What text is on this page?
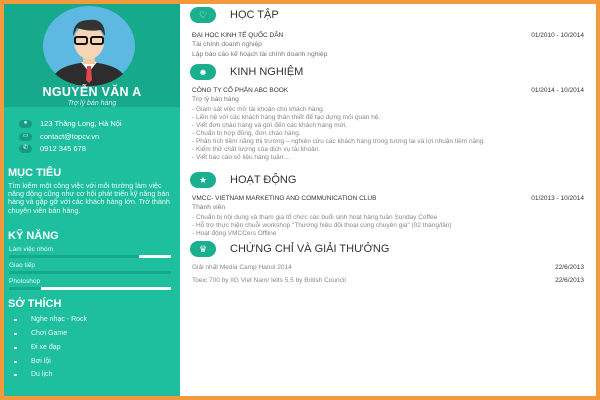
NGUYỄN VĂN A
Trợ lý bán hàng
●	123 Thăng Long, Hà Nội
▭	contact@topcv.vn
✆	0912 345 678
MỤC TIÊU
Tìm kiếm một công việc với môi trường làm việc năng động cũng như cơ hội phát triển kỹ năng bán hàng và gặp gỡ với các khách hàng lớn. Trở thành chuyên viên bán hàng.
KỸ NĂNG
Làm việc nhóm
Giao tiếp
Photoshop
SỞ THÍCH
Nghe nhạc - Rock
Chơi Game
Đi xe đạp
Bơi lội
Du lịch
♡	HỌC TẬP
ĐẠI HỌC KINH TẾ QUỐC DÂN	01/2010 - 10/2014
Tài chính doanh nghiệp
Lập báo cáo kế hoạch tài chính doanh nghiệp
☻	KINH NGHIỆM
CÔNG TY CỔ PHẦN ABC BOOK	01/2014 - 10/2014
Trợ lý bán hàng
- Giám sát việc mở tài khoản cho khách hàng.
- Liên hệ với các khách hàng thân thiết để tạo dựng mối quan hệ.
- Viết đơn chào hàng và gửi đến các khách hàng mới.
- Chuẩn bị hợp đồng, đơn chào hàng.
- Phân tích tiềm năng thị trường – nghiên cứu các khách hàng trong tương lai và lợi nhuận tiềm năng.
- Kiểm thử chất lượng của dịch vụ tài khoản.
- Viết báo cáo số liệu hàng tuần....
★	HOẠT ĐỘNG
VMCC- VIETNAM MARKETING AND COMMUNICATION CLUB	01/2013 - 10/2014
Thành viên
- Chuẩn bị nội dung và tham gia tổ chức các buổi sinh hoạt hàng tuần Sunday Coffee
- Hỗ trợ thực hiện chuỗi workshop "Thương hiệu đối thoại cùng chuyên gia" (02 tháng/lần)
- Hoạt động VMCCers Offline
♛	CHỨNG CHỈ VÀ GIẢI THƯỞNG
Giải nhất Media Camp Hanoi 2014	22/6/2013
Toeic 700 by IIG Viet Nam/ Ielts 5.5 by British Council	22/6/2013
